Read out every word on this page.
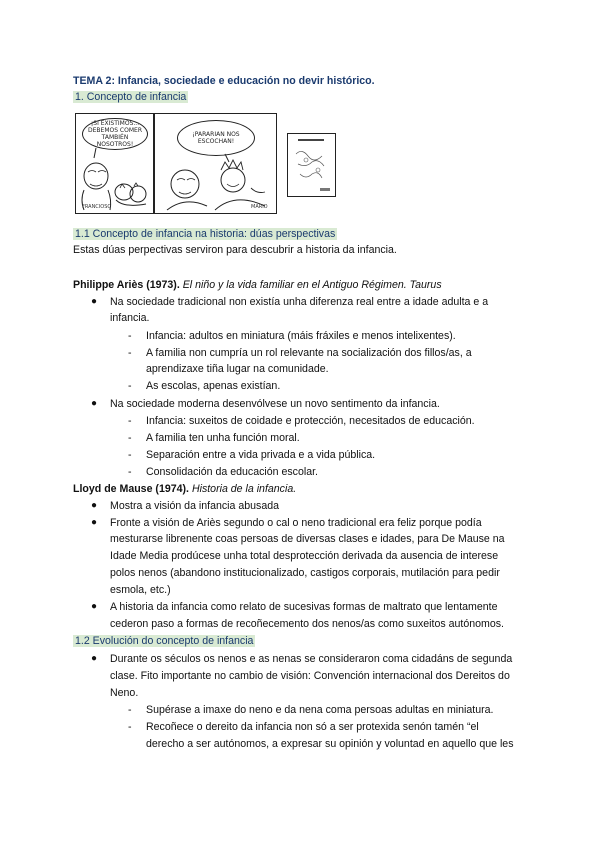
TEMA 2: Infancia, sociedade e educación no devir histórico.
1. Concepto de infancia
¡SI EXISTIMOS... DEBEMOS COMER TAMBIÉN NOSOTROS!
FRANCIOSO
¡PARARIAN NOS ESCOCHAN!
MARIO
1.1 Concepto de infancia na historia: dúas perspectivas
Estas dúas perpectivas serviron para descubrir a historia da infancia.
Philippe Ariès (1973). El niño y la vida familiar en el Antiguo Régimen. Taurus
● Na sociedade tradicional non existía unha diferenza real entre a idade adulta e a
infancia.
- Infancia: adultos en miniatura (máis fráxiles e menos intelixentes).
- A familia non cumpría un rol relevante na socialización dos fillos/as, a
aprendizaxe tiña lugar na comunidade.
- As escolas, apenas existían.
● Na sociedade moderna desenvólvese un novo sentimento da infancia.
- Infancia: suxeitos de coidade e protección, necesitados de educación.
- A familia ten unha función moral.
- Separación entre a vida privada e a vida pública.
- Consolidación da educación escolar.
Lloyd de Mause (1974). Historia de la infancia.
● Mostra a visión da infancia abusada
● Fronte a visión de Ariès segundo o cal o neno tradicional era feliz porque podía
mesturarse librenente coas persoas de diversas clases e idades, para De Mause na
Idade Media prodúcese unha total desprotección derivada da ausencia de interese
polos nenos (abandono institucionalizado, castigos corporais, mutilación para pedir
esmola, etc.)
● A historia da infancia como relato de sucesivas formas de maltrato que lentamente
cederon paso a formas de recoñecemento dos nenos/as como suxeitos autónomos.
1.2 Evolución do concepto de infancia
● Durante os séculos os nenos e as nenas se consideraron coma cidadáns de segunda
clase. Fito importante no cambio de visión: Convención internacional dos Dereitos do
Neno.
- Supérase a imaxe do neno e da nena coma persoas adultas en miniatura.
- Recoñece o dereito da infancia non só a ser protexida senón tamén “el
derecho a ser autónomos, a expresar su opinión y voluntad en aquello que les
